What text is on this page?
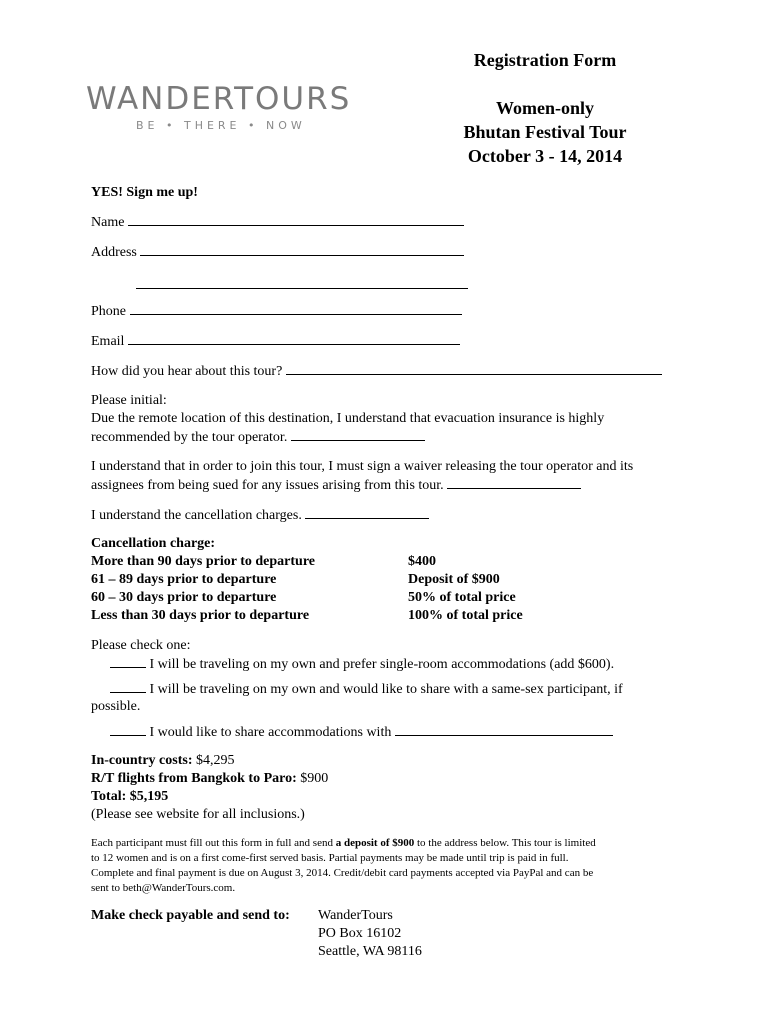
WANDERTOURS
BE • THERE • NOW
Registration Form
Women-only
Bhutan Festival Tour
October 3 - 14, 2014
YES! Sign me up!
Name
Address
Phone
Email
How did you hear about this tour?
Please initial:
Due the remote location of this destination, I understand that evacuation insurance is highly
recommended by the tour operator.
I understand that in order to join this tour, I must sign a waiver releasing the tour operator and its
assignees from being sued for any issues arising from this tour.
I understand the cancellation charges.
Cancellation charge:
More than 90 days prior to departure	$400
61 – 89 days prior to departure	Deposit of $900
60 – 30 days prior to departure	50% of total price
Less than 30 days prior to departure	100% of total price
Please check one:
I will be traveling on my own and prefer single-room accommodations (add $600).
I will be traveling on my own and would like to share with a same-sex participant, if
possible.
I would like to share accommodations with
In-country costs: $4,295
R/T flights from Bangkok to Paro: $900
Total: $5,195
(Please see website for all inclusions.)
Each participant must fill out this form in full and send a deposit of $900 to the address below. This tour is limited
to 12 women and is on a first come-first served basis. Partial payments may be made until trip is paid in full.
Complete and final payment is due on August 3, 2014. Credit/debit card payments accepted via PayPal and can be
sent to beth@WanderTours.com.
Make check payable and send to: WanderTours
PO Box 16102
Seattle, WA 98116
